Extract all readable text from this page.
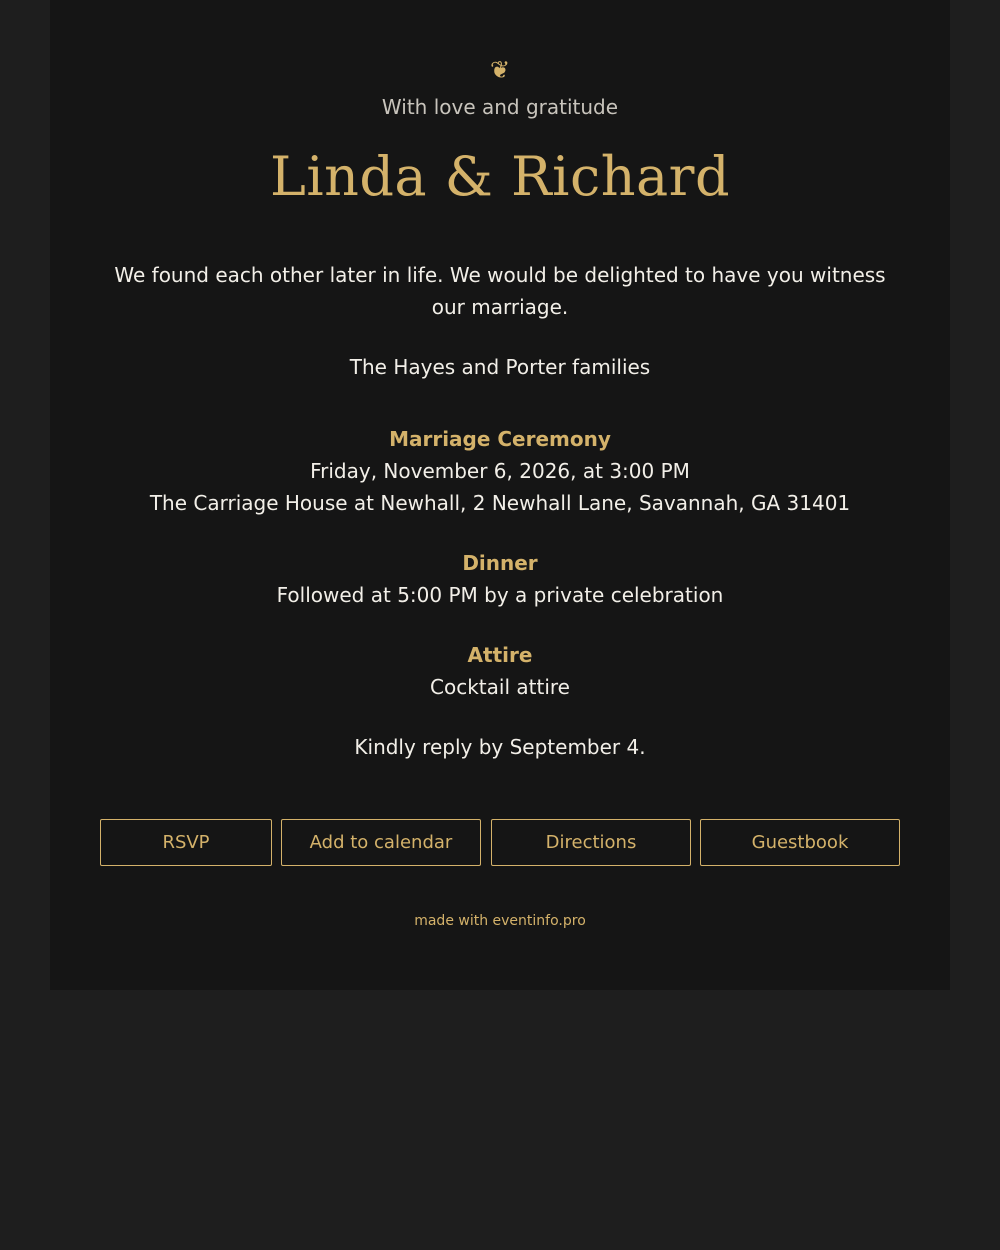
❦
With love and gratitude
Linda & Richard
We found each other later in life. We would be delighted to have you witness our marriage.
The Hayes and Porter families
Marriage Ceremony
Friday, November 6, 2026, at 3:00 PM
The Carriage House at Newhall, 2 Newhall Lane, Savannah, GA 31401
Dinner
Followed at 5:00 PM by a private celebration
Attire
Cocktail attire
Kindly reply by September 4.
RSVP	Add to calendar	Directions	Guestbook
made with eventinfo.pro
